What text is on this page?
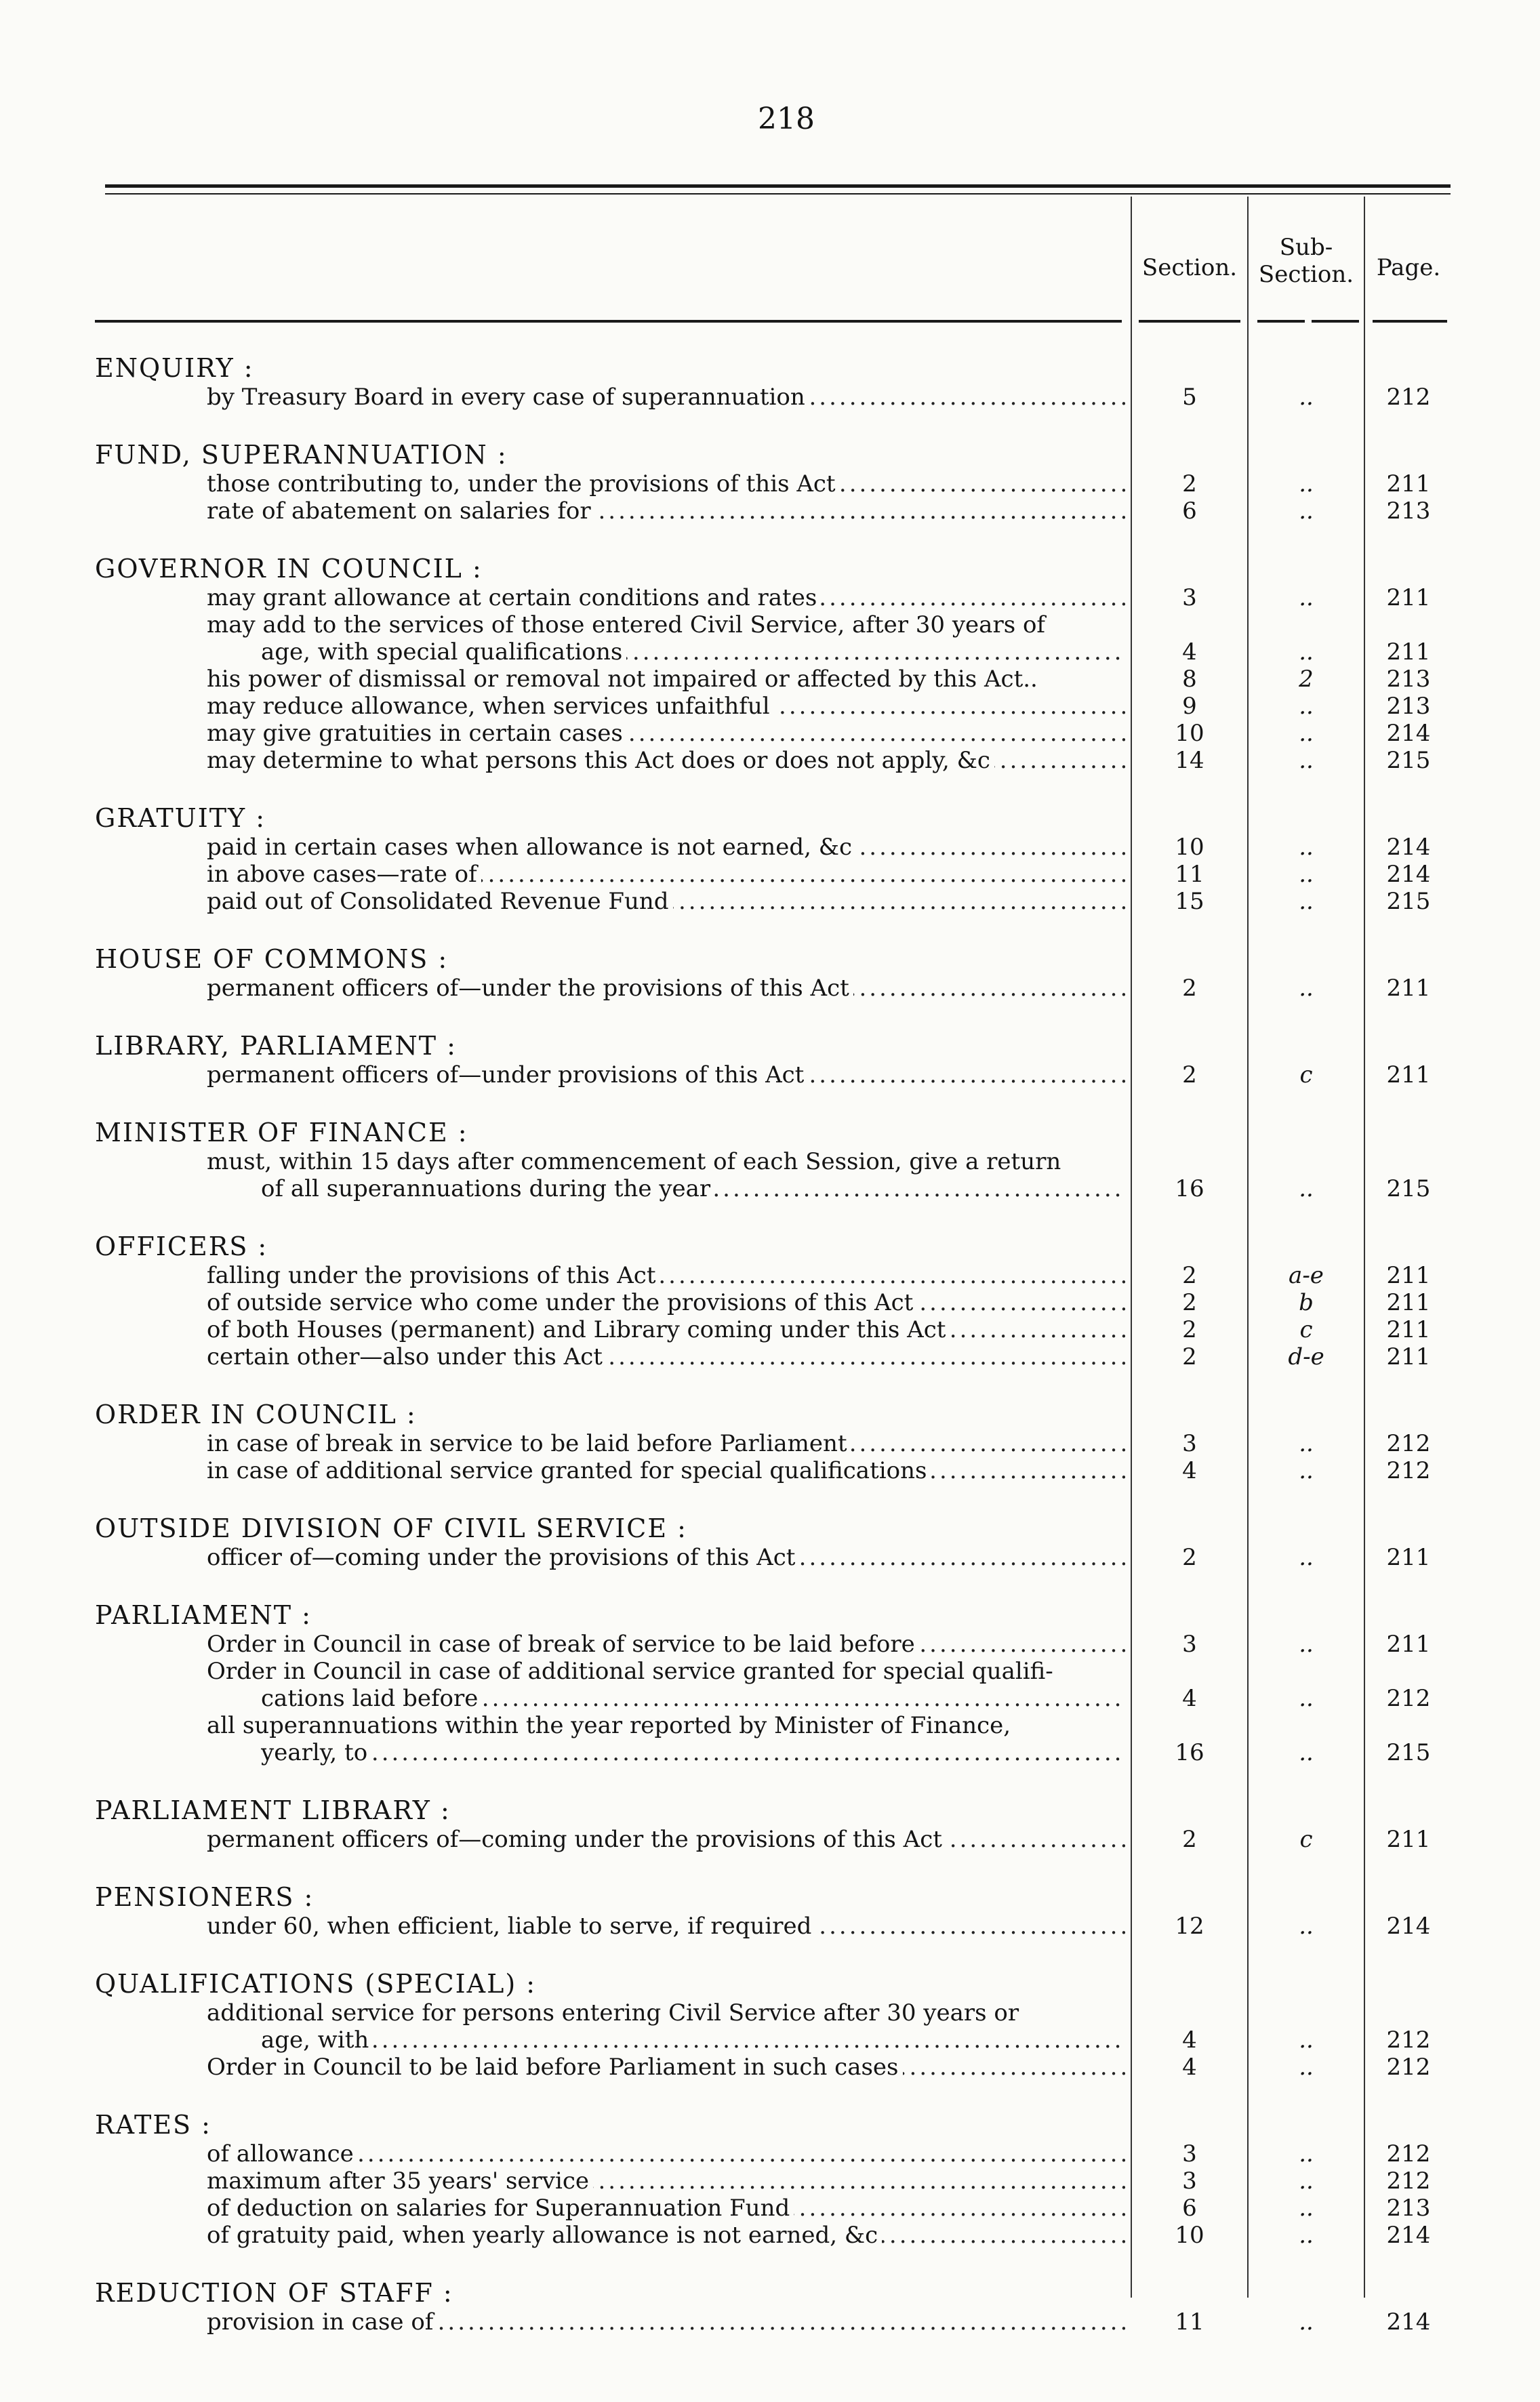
218
Section.
Sub-
Section. Page.
ENQUIRY :
by Treasury Board in every case of superannuation .....	5	..	212
FUND, SUPERANNUATION :
those contributing to, under the provisions of this Act .....	2	..	211
rate of abatement on salaries for .....	6	..	213
GOVERNOR IN COUNCIL :
may grant allowance at certain conditions and rates .....	3	..	211
may add to the services of those entered Civil Service, after 30 years of
age, with special qualifications .....	4	..	211
his power of dismissal or removal not impaired or affected by this Act..	8	2	213
may reduce allowance, when services unfaithful .....	9	..	213
may give gratuities in certain cases .....	10	..	214
may determine to what persons this Act does or does not apply, &c .....	14	..	215
GRATUITY :
paid in certain cases when allowance is not earned, &c .....	10	..	214
in above cases—rate of .....	11	..	214
paid out of Consolidated Revenue Fund .....	15	..	215
HOUSE OF COMMONS :
permanent officers of—under the provisions of this Act .....	2	..	211
LIBRARY, PARLIAMENT :
permanent officers of—under provisions of this Act .....	2	c	211
MINISTER OF FINANCE :
must, within 15 days after commencement of each Session, give a return
of all superannuations during the year .....	16	..	215
OFFICERS :
falling under the provisions of this Act .....	2	a-e	211
of outside service who come under the provisions of this Act .....	2	b	211
of both Houses (permanent) and Library coming under this Act .....	2	c	211
certain other—also under this Act .....	2	d-e	211
ORDER IN COUNCIL :
in case of break in service to be laid before Parliament .....	3	..	212
in case of additional service granted for special qualifications .....	4	..	212
OUTSIDE DIVISION OF CIVIL SERVICE :
officer of—coming under the provisions of this Act .....	2	..	211
PARLIAMENT :
Order in Council in case of break of service to be laid before .....	3	..	211
Order in Council in case of additional service granted for special qualifi-
cations laid before .....	4	..	212
all superannuations within the year reported by Minister of Finance,
yearly, to .....	16	..	215
PARLIAMENT LIBRARY :
permanent officers of—coming under the provisions of this Act .....	2	c	211
PENSIONERS :
under 60, when efficient, liable to serve, if required .....	12	..	214
QUALIFICATIONS (SPECIAL) :
additional service for persons entering Civil Service after 30 years or
age, with .....	4	..	212
Order in Council to be laid before Parliament in such cases .....	4	..	212
RATES :
of allowance .....	3	..	212
maximum after 35 years' service .....	3	..	212
of deduction on salaries for Superannuation Fund .....	6	..	213
of gratuity paid, when yearly allowance is not earned, &c .....	10	..	214
REDUCTION OF STAFF :
provision in case of .....	11	..	214
